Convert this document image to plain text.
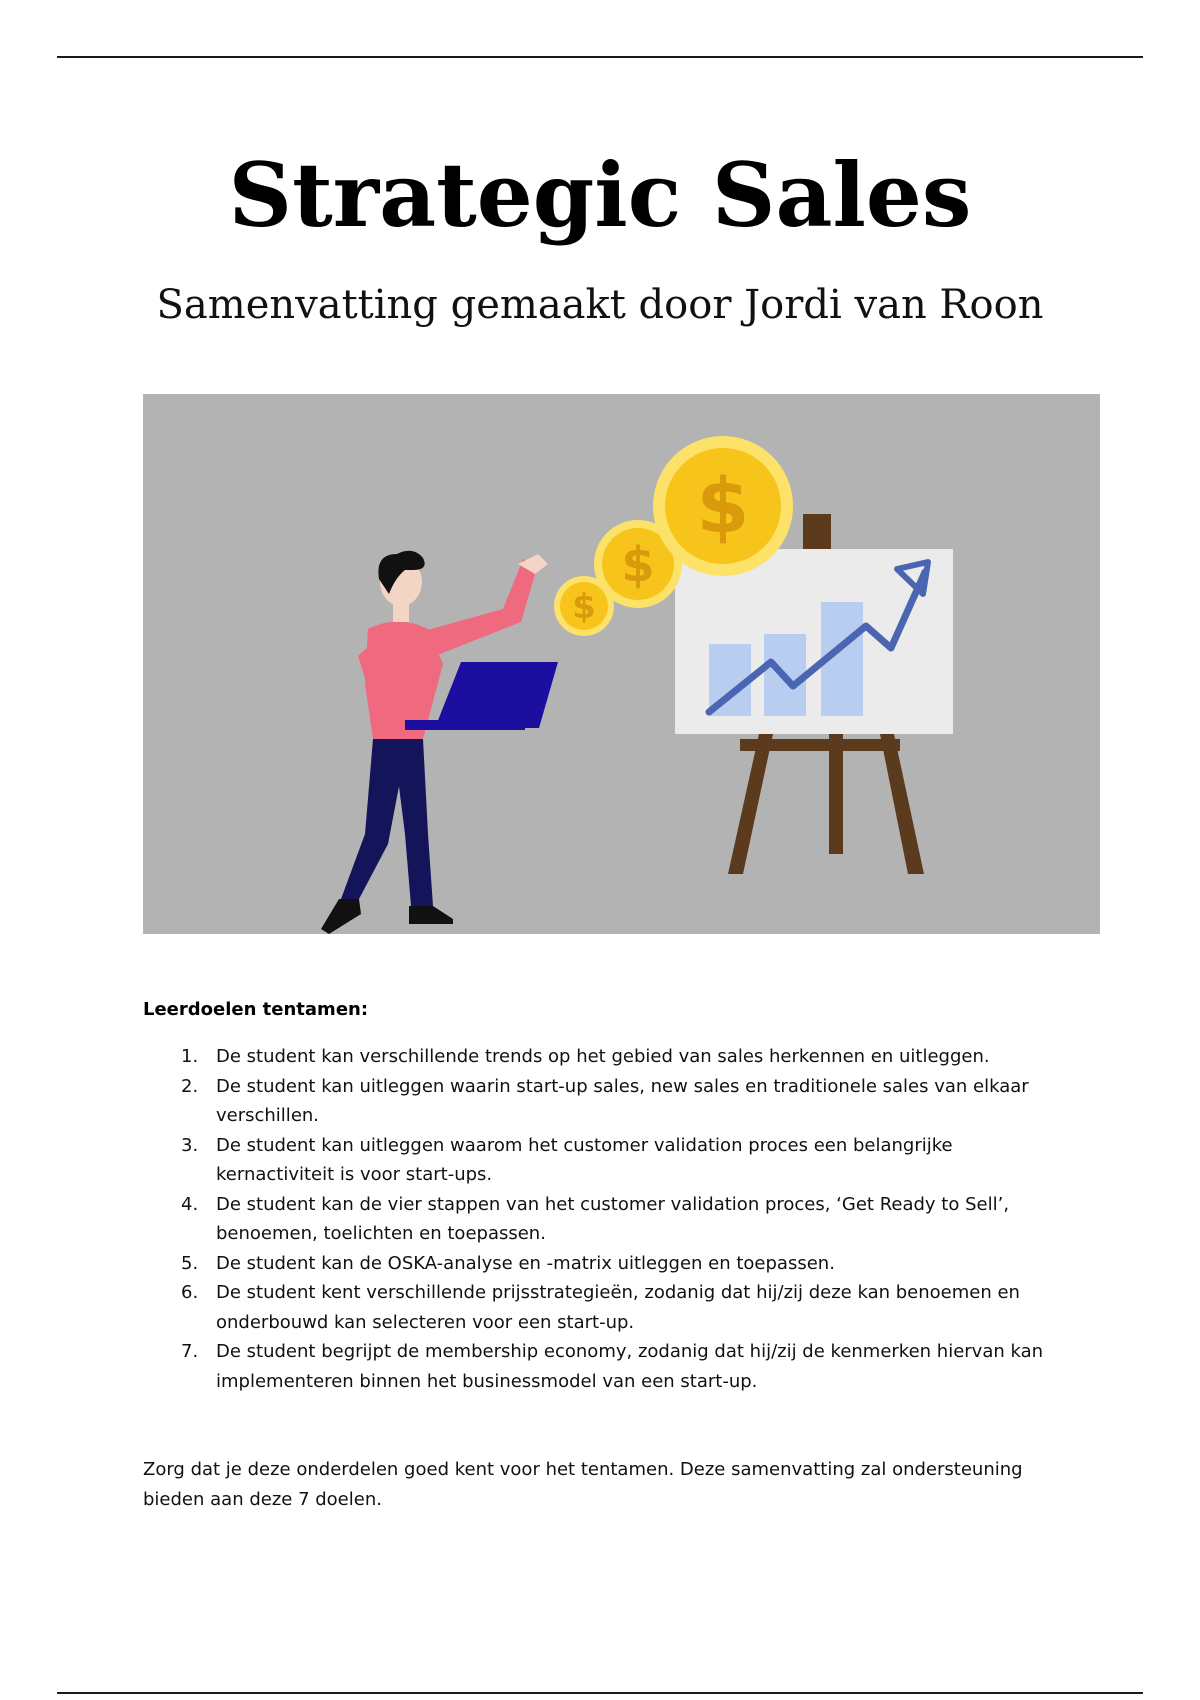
Strategic Sales
Samenvatting gemaakt door Jordi van Roon
$
$
$
Leerdoelen tentamen:
1. De student kan verschillende trends op het gebied van sales herkennen en uitleggen.
2. De student kan uitleggen waarin start-up sales, new sales en traditionele sales van elkaar verschillen.
3. De student kan uitleggen waarom het customer validation proces een belangrijke kernactiviteit is voor start-ups.
4. De student kan de vier stappen van het customer validation proces, ‘Get Ready to Sell’, benoemen, toelichten en toepassen.
5. De student kan de OSKA-analyse en -matrix uitleggen en toepassen.
6. De student kent verschillende prijsstrategieën, zodanig dat hij/zij deze kan benoemen en onderbouwd kan selecteren voor een start-up.
7. De student begrijpt de membership economy, zodanig dat hij/zij de kenmerken hiervan kan implementeren binnen het businessmodel van een start-up.
Zorg dat je deze onderdelen goed kent voor het tentamen. Deze samenvatting zal ondersteuning bieden aan deze 7 doelen.
